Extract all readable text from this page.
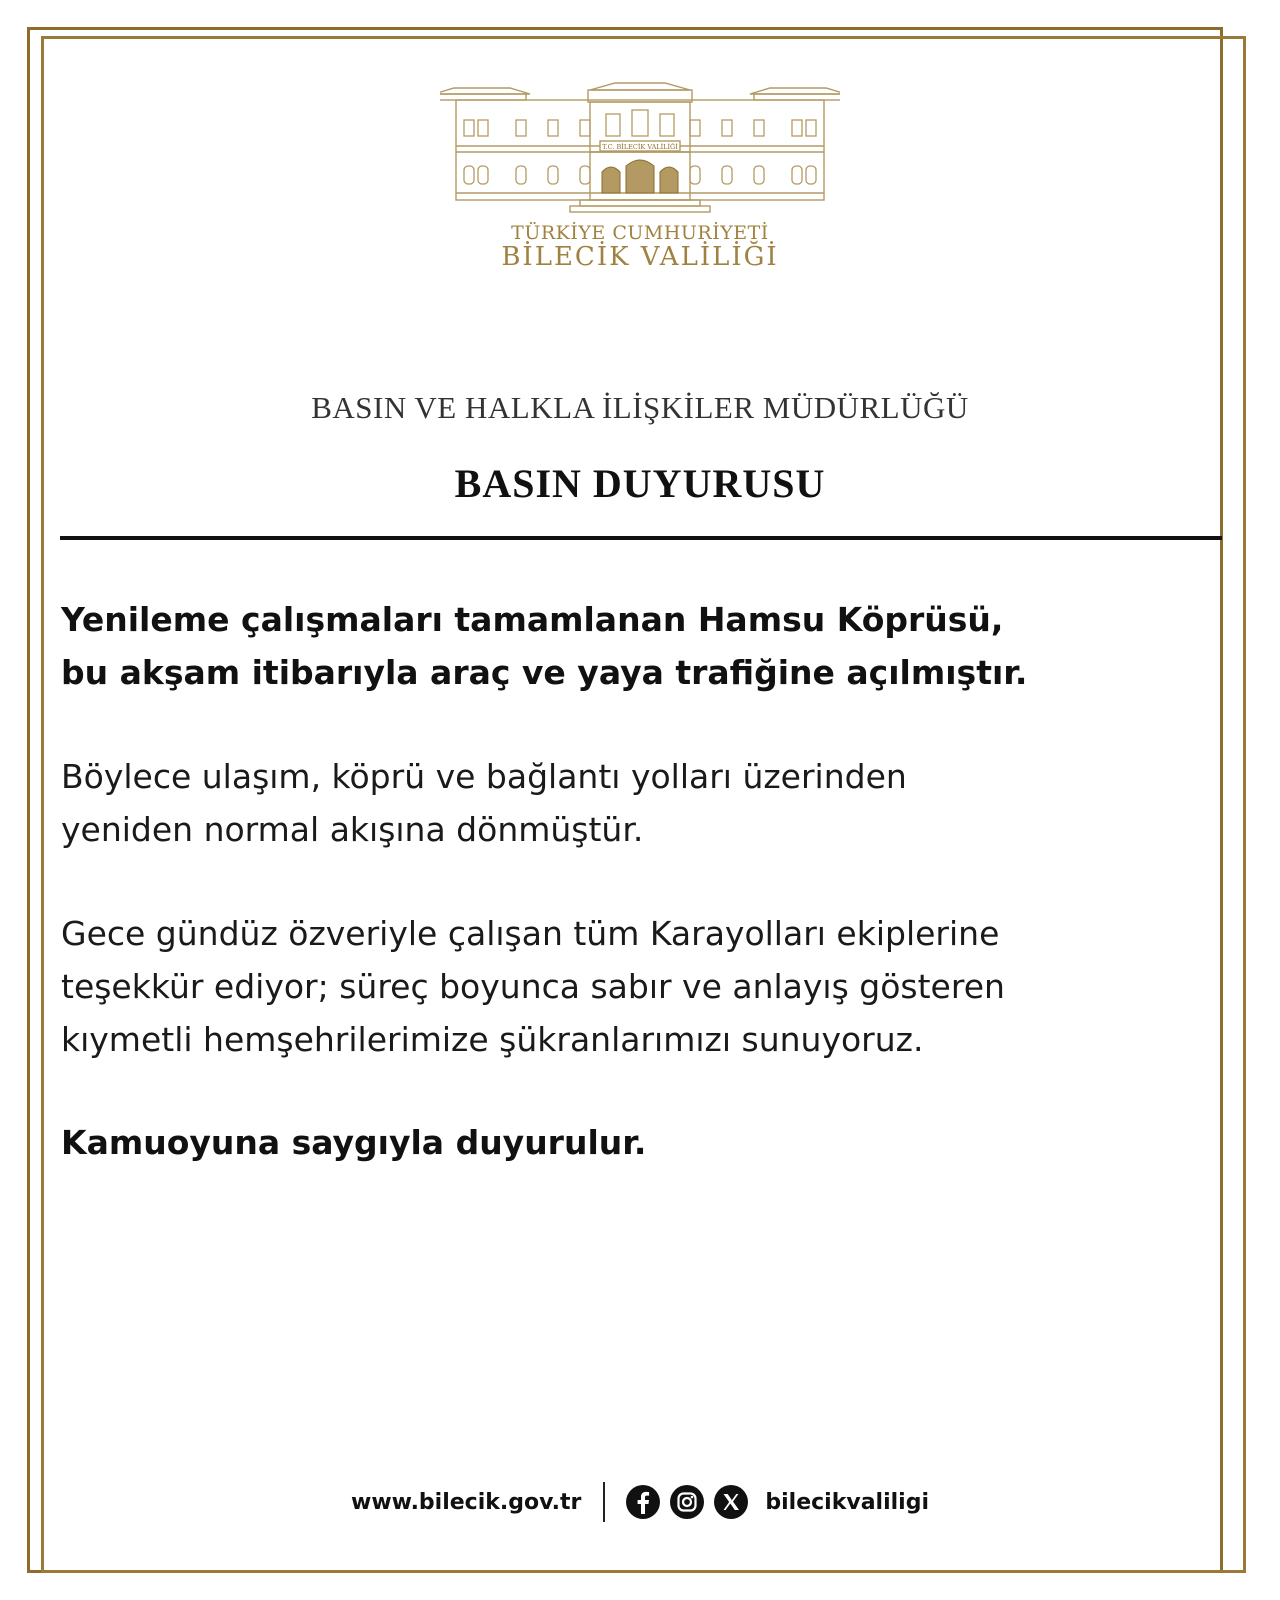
T.C. BİLECİK VALİLİĞİ
TÜRKİYE CUMHURİYETİ
BİLECİK VALİLİĞİ
BASIN VE HALKLA İLİŞKİLER MÜDÜRLÜĞÜ
BASIN DUYURUSU

Yenileme çalışmaları tamamlanan Hamsu Köprüsü,
bu akşam itibarıyla araç ve yaya trafiğine açılmıştır.

Böylece ulaşım, köprü ve bağlantı yolları üzerinden
yeniden normal akışına dönmüştür.

Gece gündüz özveriyle çalışan tüm Karayolları ekiplerine
teşekkür ediyor; süreç boyunca sabır ve anlayış gösteren
kıymetli hemşehrilerimize şükranlarımızı sunuyoruz.

Kamuoyuna saygıyla duyurulur.

www.bilecik.gov.tr	bilecikvaliligi
